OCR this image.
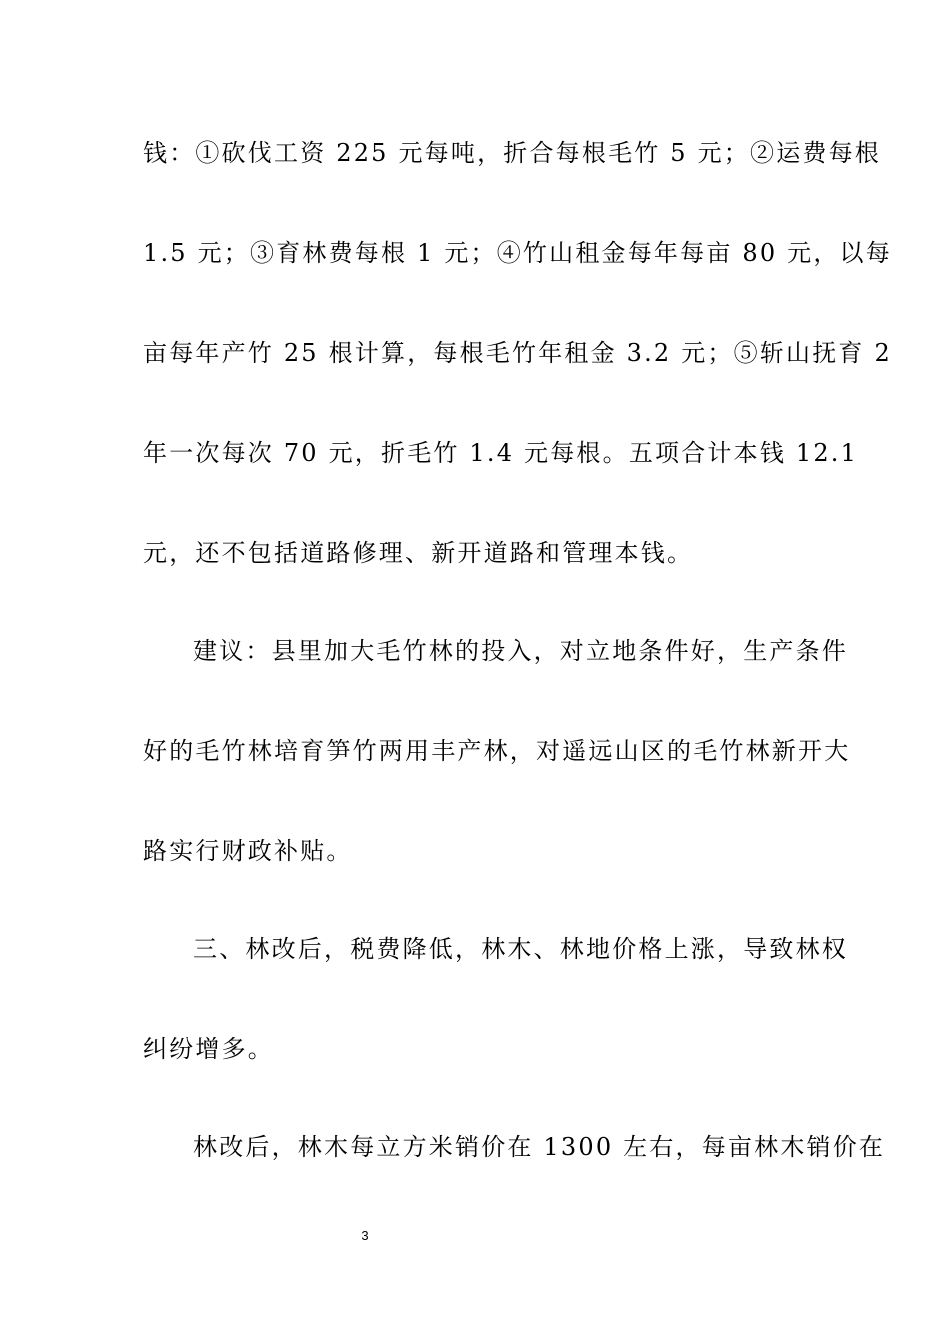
钱：①砍伐工资 225 元每吨，折合每根毛竹 5 元；②运费每根
1.5 元；③育林费每根 1 元；④竹山租金每年每亩 80 元，以每
亩每年产竹 25 根计算，每根毛竹年租金 3.2 元；⑤斩山抚育 2
年一次每次 70 元，折毛竹 1.4 元每根。五项合计本钱 12.1
元，还不包括道路修理、新开道路和管理本钱。
建议：县里加大毛竹林的投入，对立地条件好，生产条件
好的毛竹林培育笋竹两用丰产林，对遥远山区的毛竹林新开大
路实行财政补贴。
三、林改后，税费降低，林木、林地价格上涨，导致林权
纠纷增多。
林改后，林木每立方米销价在 1300 左右，每亩林木销价在
3
